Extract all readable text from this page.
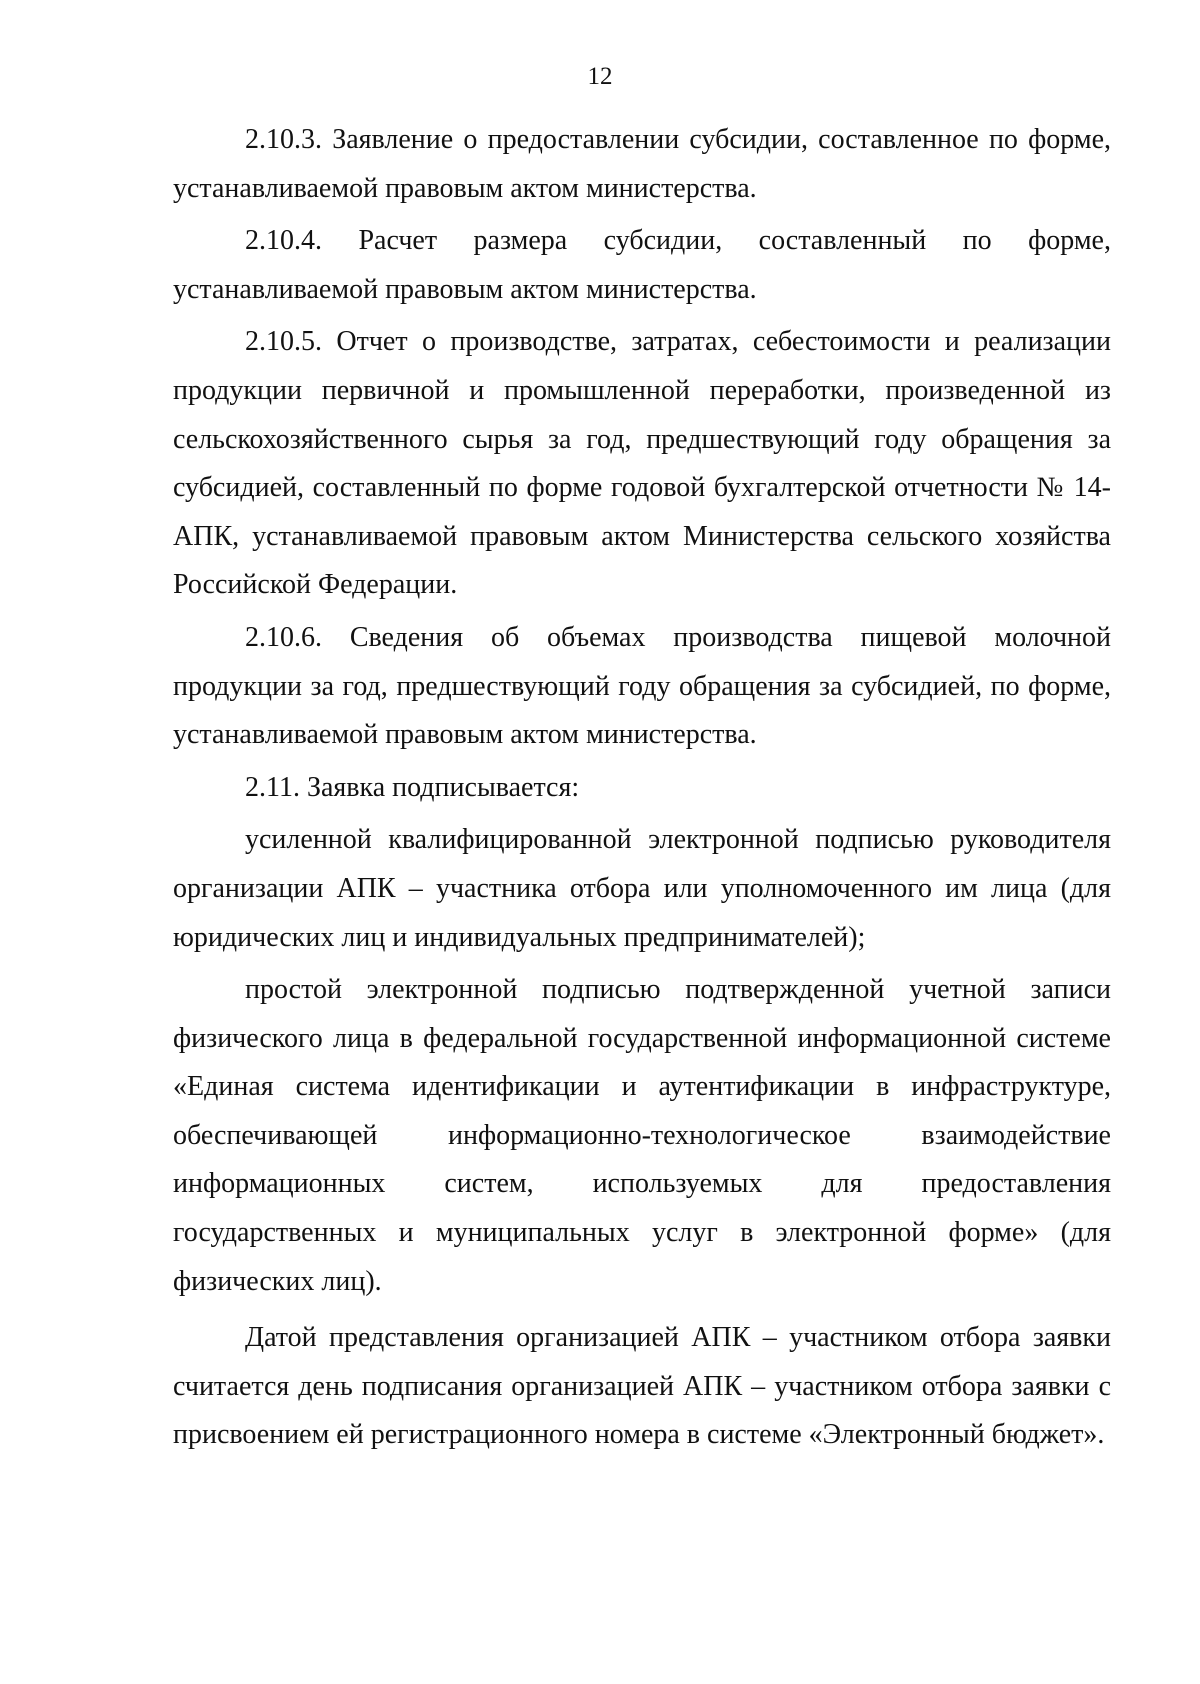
12

2.10.3. Заявление о предоставлении субсидии, составленное по форме, устанавливаемой правовым актом министерства.

2.10.4. Расчет размера субсидии, составленный по форме, устанавливаемой правовым актом министерства.

2.10.5. Отчет о производстве, затратах, себестоимости и реализации продукции первичной и промышленной переработки, произведенной из сельскохозяйственного сырья за год, предшествующий году обращения за субсидией, составленный по форме годовой бухгалтерской отчетности № 14-АПК, устанавливаемой правовым актом Министерства сельского хозяйства Российской Федерации.

2.10.6. Сведения об объемах производства пищевой молочной продукции за год, предшествующий году обращения за субсидией, по форме, устанавливаемой правовым актом министерства.

2.11. Заявка подписывается:

усиленной квалифицированной электронной подписью руководителя организации АПК – участника отбора или уполномоченного им лица (для юридических лиц и индивидуальных предпринимателей);

простой электронной подписью подтвержденной учетной записи физического лица в федеральной государственной информационной системе «Единая система идентификации и аутентификации в инфраструктуре, обеспечивающей информационно-технологическое взаимодействие информационных систем, используемых для предоставления государственных и муниципальных услуг в электронной форме» (для физических лиц).

Датой представления организацией АПК – участником отбора заявки считается день подписания организацией АПК – участником отбора заявки с присвоением ей регистрационного номера в системе «Электронный бюджет».
